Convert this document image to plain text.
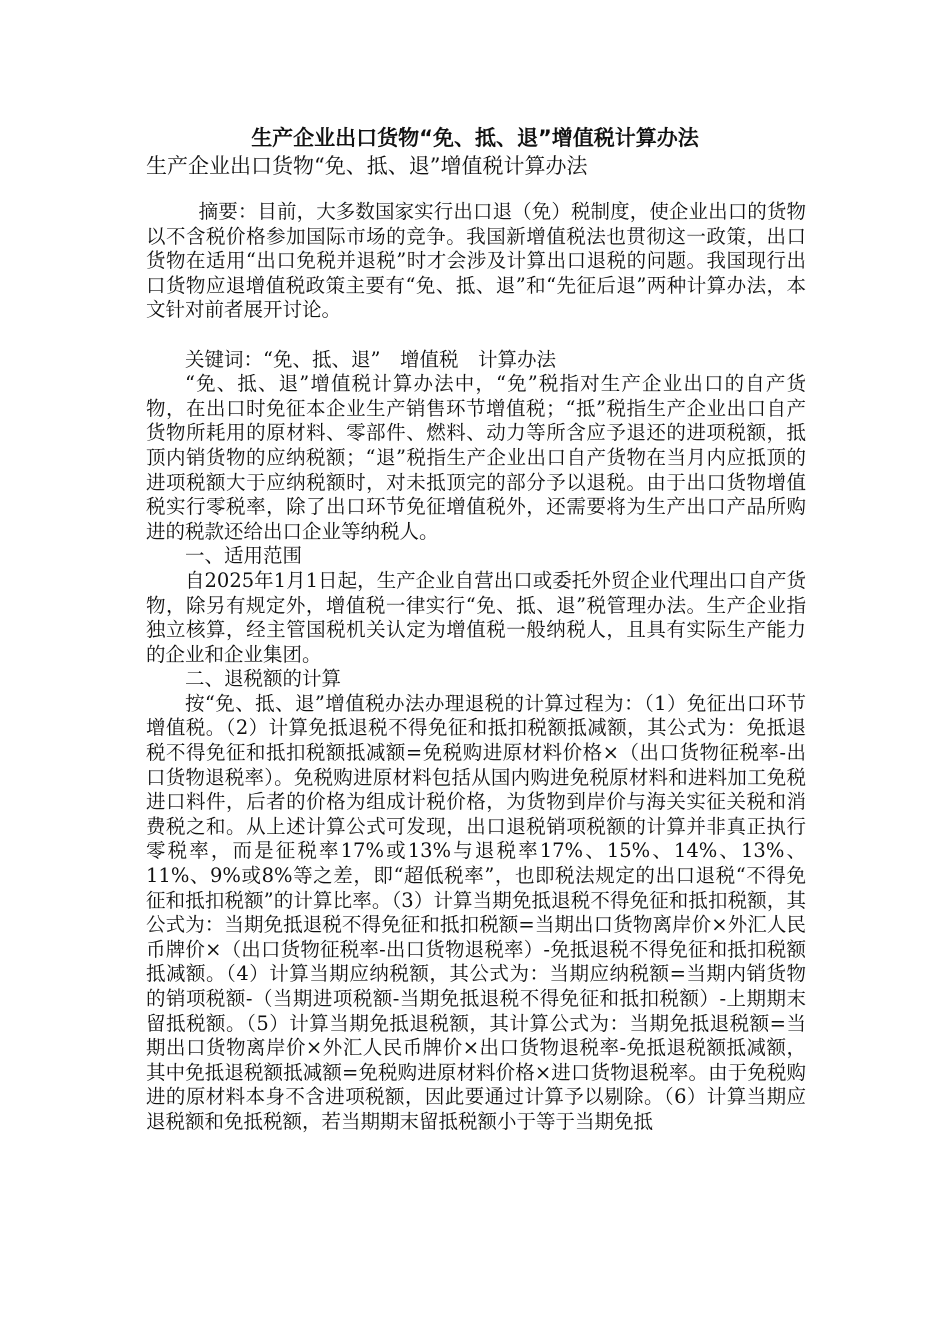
生产企业出口货物“免、抵、退”增值税计算办法
生产企业出口货物“免、抵、退”增值税计算办法

摘要：目前，大多数国家实行出口退（免）税制度，使企业出口的货物以不含税价格参加国际市场的竞争。我国新增值税法也贯彻这一政策，出口货物在适用“出口免税并退税”时才会涉及计算出口退税的问题。我国现行出口货物应退增值税政策主要有“免、抵、退”和“先征后退”两种计算办法，本文针对前者展开讨论。

关键词：“免、抵、退”　增值税　计算办法

“免、抵、退”增值税计算办法中，“免”税指对生产企业出口的自产货物，在出口时免征本企业生产销售环节增值税；“抵”税指生产企业出口自产货物所耗用的原材料、零部件、燃料、动力等所含应予退还的进项税额，抵顶内销货物的应纳税额；“退”税指生产企业出口自产货物在当月内应抵顶的进项税额大于应纳税额时，对未抵顶完的部分予以退税。由于出口货物增值税实行零税率，除了出口环节免征增值税外，还需要将为生产出口产品所购进的税款还给出口企业等纳税人。

一、适用范围

自2025年1月1日起，生产企业自营出口或委托外贸企业代理出口自产货物，除另有规定外，增值税一律实行“免、抵、退”税管理办法。生产企业指独立核算，经主管国税机关认定为增值税一般纳税人，且具有实际生产能力的企业和企业集团。

二、退税额的计算

按“免、抵、退”增值税办法办理退税的计算过程为：（1）免征出口环节增值税。（2）计算免抵退税不得免征和抵扣税额抵减额，其公式为：免抵退税不得免征和抵扣税额抵减额=免税购进原材料价格×（出口货物征税率-出口货物退税率）。免税购进原材料包括从国内购进免税原材料和进料加工免税进口料件，后者的价格为组成计税价格，为货物到岸价与海关实征关税和消费税之和。从上述计算公式可发现，出口退税销项税额的计算并非真正执行零税率，而是征税率17%或13%与退税率17%、15%、14%、13%、11%、9%或8%等之差，即“超低税率”，也即税法规定的出口退税“不得免征和抵扣税额”的计算比率。（3）计算当期免抵退税不得免征和抵扣税额，其公式为：当期免抵退税不得免征和抵扣税额=当期出口货物离岸价×外汇人民币牌价×（出口货物征税率-出口货物退税率）-免抵退税不得免征和抵扣税额抵减额。（4）计算当期应纳税额，其公式为：当期应纳税额=当期内销货物的销项税额-（当期进项税额-当期免抵退税不得免征和抵扣税额）-上期期末留抵税额。（5）计算当期免抵退税额，其计算公式为：当期免抵退税额=当期出口货物离岸价×外汇人民币牌价×出口货物退税率-免抵退税额抵减额，其中免抵退税额抵减额=免税购进原材料价格×进口货物退税率。由于免税购进的原材料本身不含进项税额，因此要通过计算予以剔除。（6）计算当期应退税额和免抵税额，若当期期末留抵税额小于等于当期免抵
